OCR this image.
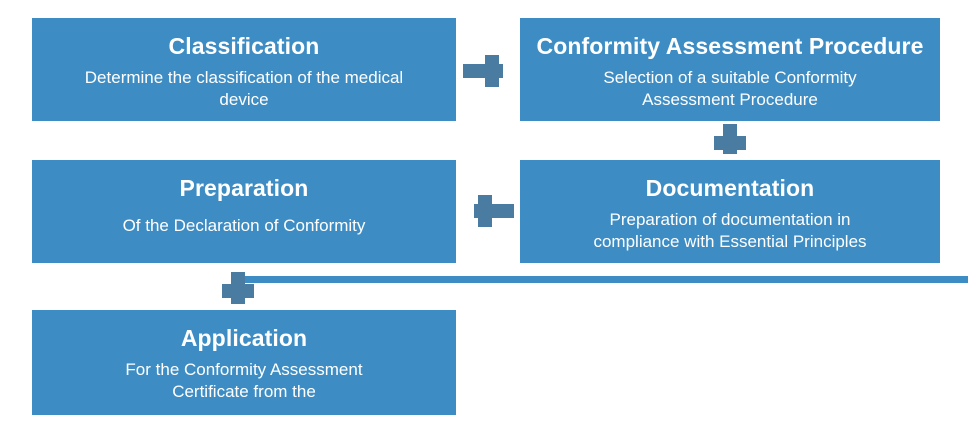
Classification
Determine the classification of the medical device
Conformity Assessment Procedure
Selection of a suitable Conformity Assessment Procedure
Preparation
Of the Declaration of Conformity
Documentation
Preparation of documentation in compliance with Essential Principles
Application
For the Conformity Assessment Certificate from the
